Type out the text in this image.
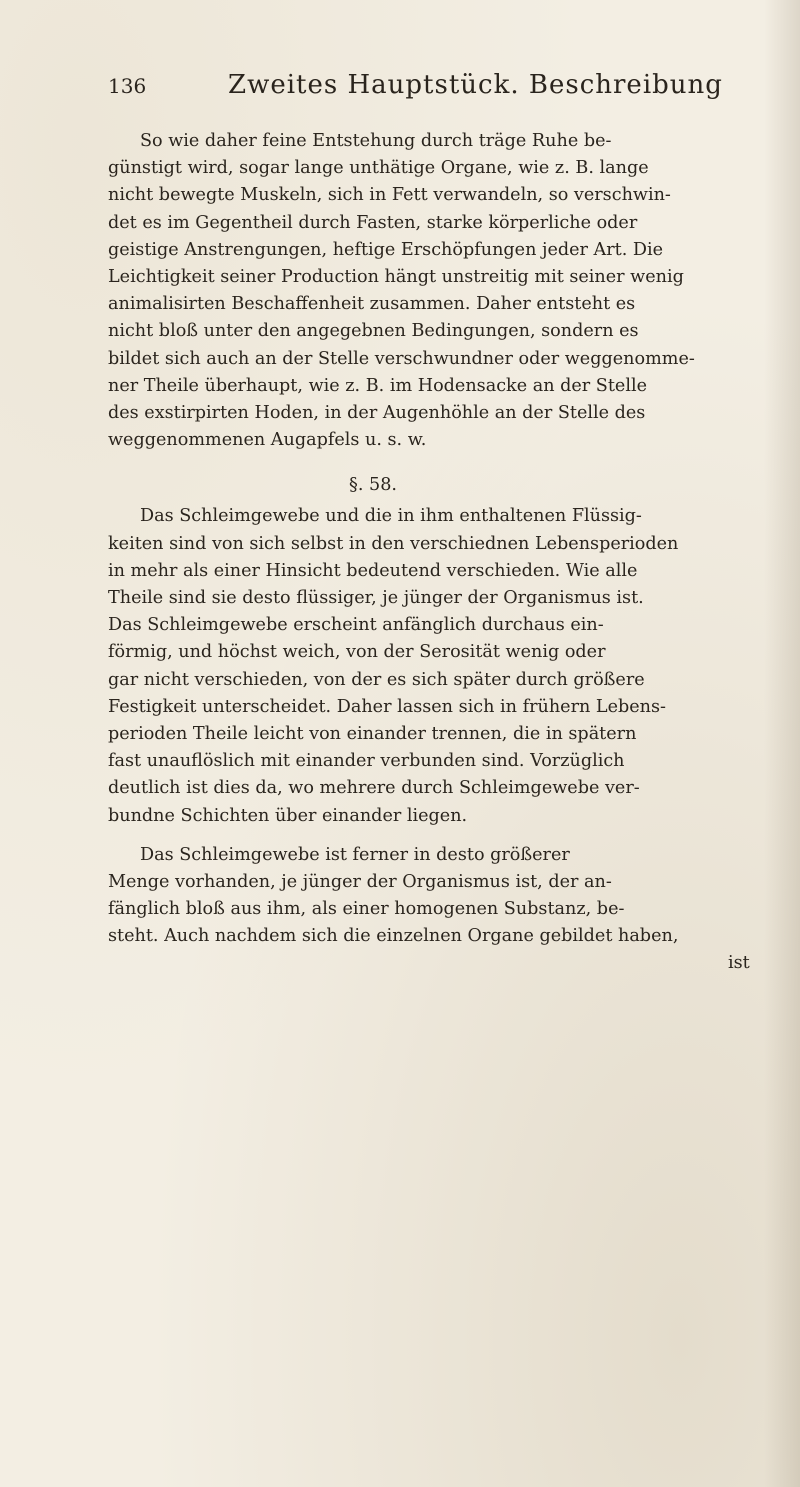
136	Zweites Hauptstück. Beschreibung
So wie daher feine Entstehung durch träge Ruhe be-
günstigt wird, sogar lange unthätige Organe, wie z. B. lange
nicht bewegte Muskeln, sich in Fett verwandeln, so verschwin-
det es im Gegentheil durch Fasten, starke körperliche oder
geistige Anstrengungen, heftige Erschöpfungen jeder Art. Die
Leichtigkeit seiner Production hängt unstreitig mit seiner wenig
animalisirten Beschaffenheit zusammen. Daher entsteht es
nicht bloß unter den angegebnen Bedingungen, sondern es
bildet sich auch an der Stelle verschwundner oder weggenomme-
ner Theile überhaupt, wie z. B. im Hodensacke an der Stelle
des exstirpirten Hoden, in der Augenhöhle an der Stelle des
weggenommenen Augapfels u. s. w.
§. 58.
Das Schleimgewebe und die in ihm enthaltenen Flüssig-
keiten sind von sich selbst in den verschiednen Lebensperioden
in mehr als einer Hinsicht bedeutend verschieden. Wie alle
Theile sind sie desto flüssiger, je jünger der Organismus ist.
Das Schleimgewebe erscheint anfänglich durchaus ein-
förmig, und höchst weich, von der Serosität wenig oder
gar nicht verschieden, von der es sich später durch größere
Festigkeit unterscheidet. Daher lassen sich in frühern Lebens-
perioden Theile leicht von einander trennen, die in spätern
fast unauflöslich mit einander verbunden sind. Vorzüglich
deutlich ist dies da, wo mehrere durch Schleimgewebe ver-
bundne Schichten über einander liegen.
Das Schleimgewebe ist ferner in desto größerer
Menge vorhanden, je jünger der Organismus ist, der an-
fänglich bloß aus ihm, als einer homogenen Substanz, be-
steht. Auch nachdem sich die einzelnen Organe gebildet haben,
ist
